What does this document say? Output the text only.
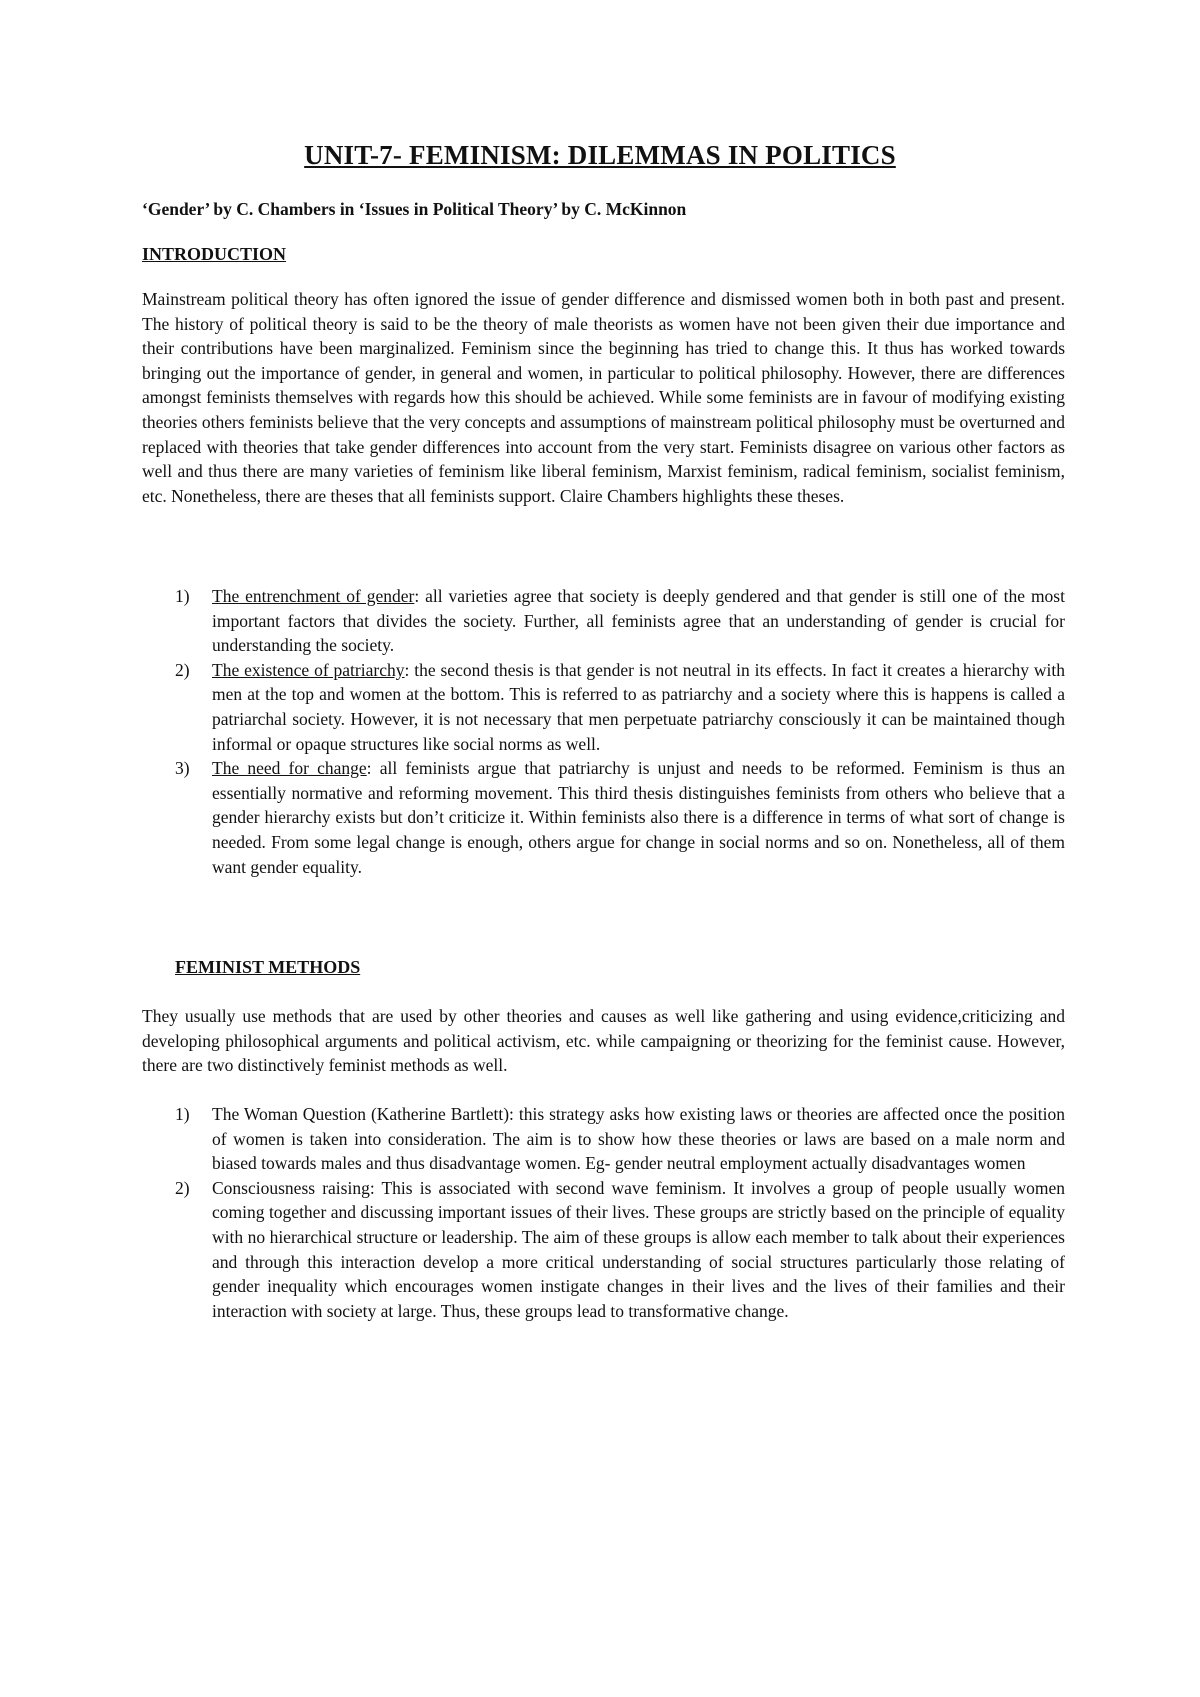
UNIT-7- FEMINISM: DILEMMAS IN POLITICS

‘Gender’ by C. Chambers in ‘Issues in Political Theory’ by C. McKinnon

INTRODUCTION

Mainstream political theory has often ignored the issue of gender difference and dismissed women both in both past and present. The history of political theory is said to be the theory of male theorists as women have not been given their due importance and their contributions have been marginalized. Feminism since the beginning has tried to change this. It thus has worked towards bringing out the importance of gender, in general and women, in particular to political philosophy. However, there are differences amongst feminists themselves with regards how this should be achieved. While some feminists are in favour of modifying existing theories others feminists believe that the very concepts and assumptions of mainstream political philosophy must be overturned and replaced with theories that take gender differences into account from the very start. Feminists disagree on various other factors as well and thus there are many varieties of feminism like liberal feminism, Marxist feminism, radical feminism, socialist feminism, etc. Nonetheless, there are theses that all feminists support. Claire Chambers highlights these theses.

1) The entrenchment of gender: all varieties agree that society is deeply gendered and that gender is still one of the most important factors that divides the society. Further, all feminists agree that an understanding of gender is crucial for understanding the society.
2) The existence of patriarchy: the second thesis is that gender is not neutral in its effects. In fact it creates a hierarchy with men at the top and women at the bottom. This is referred to as patriarchy and a society where this is happens is called a patriarchal society. However, it is not necessary that men perpetuate patriarchy consciously it can be maintained though informal or opaque structures like social norms as well.
3) The need for change: all feminists argue that patriarchy is unjust and needs to be reformed. Feminism is thus an essentially normative and reforming movement. This third thesis distinguishes feminists from others who believe that a gender hierarchy exists but don’t criticize it. Within feminists also there is a difference in terms of what sort of change is needed. From some legal change is enough, others argue for change in social norms and so on. Nonetheless, all of them want gender equality.
FEMINIST METHODS

They usually use methods that are used by other theories and causes as well like gathering and using evidence,criticizing and developing philosophical arguments and political activism, etc. while campaigning or theorizing for the feminist cause. However, there are two distinctively feminist methods as well.

1) The Woman Question (Katherine Bartlett): this strategy asks how existing laws or theories are affected once the position of women is taken into consideration. The aim is to show how these theories or laws are based on a male norm and biased towards males and thus disadvantage women. Eg- gender neutral employment actually disadvantages women
2) Consciousness raising: This is associated with second wave feminism. It involves a group of people usually women coming together and discussing important issues of their lives. These groups are strictly based on the principle of equality with no hierarchical structure or leadership. The aim of these groups is allow each member to talk about their experiences and through this interaction develop a more critical understanding of social structures particularly those relating of gender inequality which encourages women instigate changes in their lives and the lives of their families and their interaction with society at large. Thus, these groups lead to transformative change.
